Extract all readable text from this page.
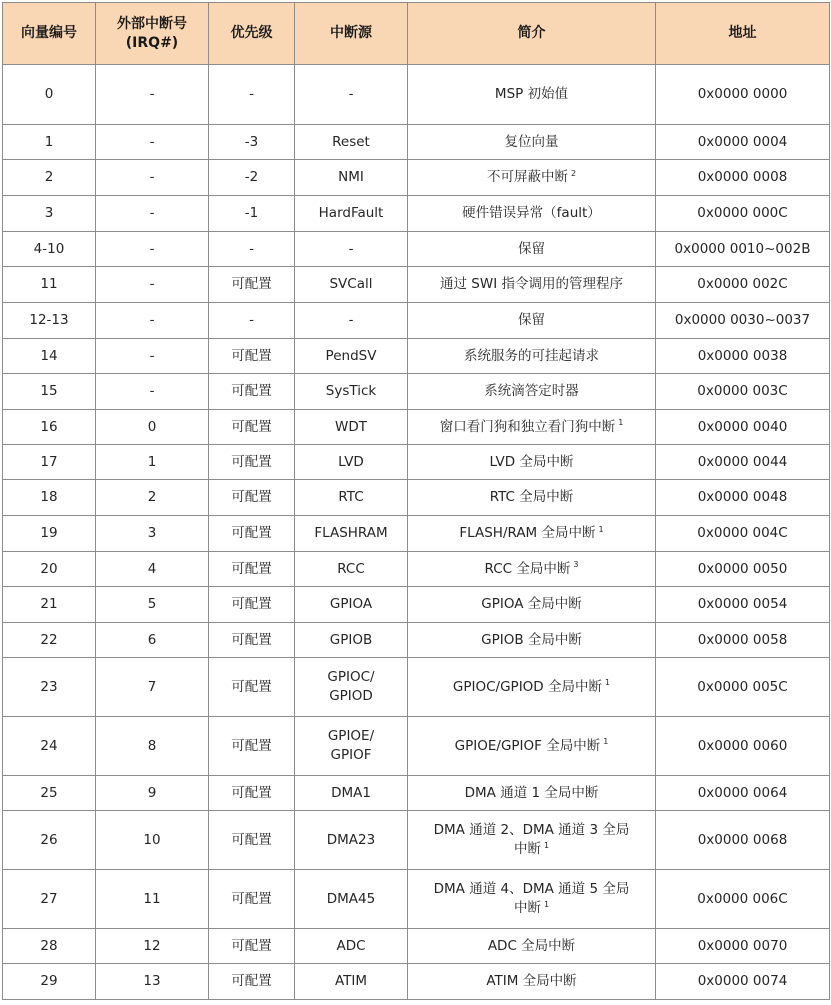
向量编号	外部中断号
(IRQ#)	优先级	中断源	简介	地址
0	-	-	-	MSP 初始值	0x0000 0000
1	-	-3	Reset	复位向量	0x0000 0004
2	-	-2	NMI	不可屏蔽中断 $^2$	0x0000 0008
3	-	-1	HardFault	硬件错误异常（fault）	0x0000 000C
4-10	-	-	-	保留	0x0000 0010~002B
11	-	可配置	SVCall	通过 SWI 指令调用的管理程序	0x0000 002C
12-13	-	-	-	保留	0x0000 0030~0037
14	-	可配置	PendSV	系统服务的可挂起请求	0x0000 0038
15	-	可配置	SysTick	系统滴答定时器	0x0000 003C
16	0	可配置	WDT	窗口看门狗和独立看门狗中断 $^1$	0x0000 0040
17	1	可配置	LVD	LVD 全局中断	0x0000 0044
18	2	可配置	RTC	RTC 全局中断	0x0000 0048
19	3	可配置	FLASHRAM	FLASH/RAM 全局中断 $^1$	0x0000 004C
20	4	可配置	RCC	RCC 全局中断 $^3$	0x0000 0050
21	5	可配置	GPIOA	GPIOA 全局中断	0x0000 0054
22	6	可配置	GPIOB	GPIOB 全局中断	0x0000 0058
23	7	可配置	GPIOC/
GPIOD	GPIOC/GPIOD 全局中断 $^1$	0x0000 005C
24	8	可配置	GPIOE/
GPIOF	GPIOE/GPIOF 全局中断 $^1$	0x0000 0060
25	9	可配置	DMA1	DMA 通道 1 全局中断	0x0000 0064
26	10	可配置	DMA23	DMA 通道 2、DMA 通道 3 全局
中断 $^1$	0x0000 0068
27	11	可配置	DMA45	DMA 通道 4、DMA 通道 5 全局
中断 $^1$	0x0000 006C
28	12	可配置	ADC	ADC 全局中断	0x0000 0070
29	13	可配置	ATIM	ATIM 全局中断	0x0000 0074
